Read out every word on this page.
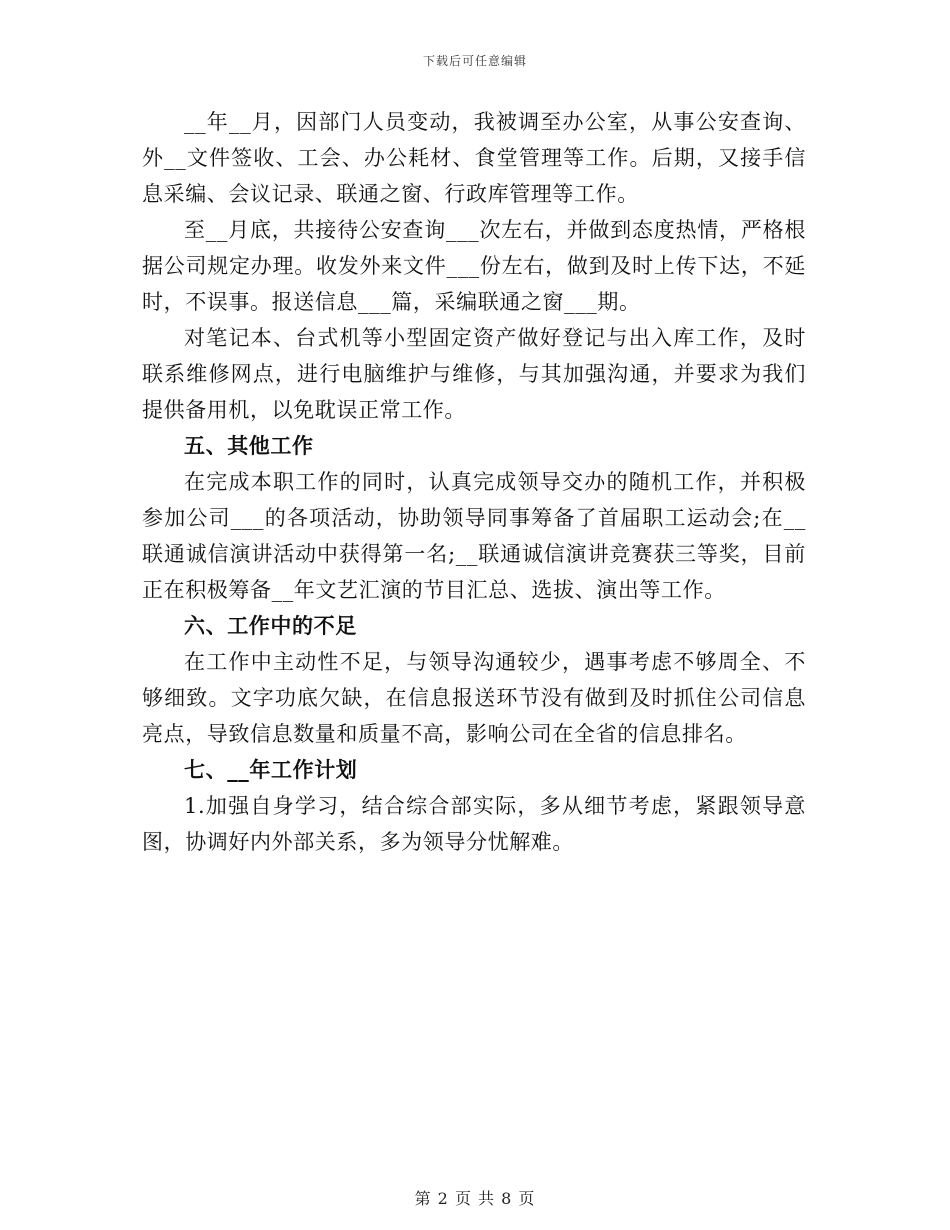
下载后可任意编辑

__年__月，因部门人员变动，我被调至办公室，从事公安查询、外__文件签收、工会、办公耗材、食堂管理等工作。后期，又接手信息采编、会议记录、联通之窗、行政库管理等工作。

至__月底，共接待公安查询___次左右，并做到态度热情，严格根据公司规定办理。收发外来文件___份左右，做到及时上传下达，不延时，不误事。报送信息___篇，采编联通之窗___期。

对笔记本、台式机等小型固定资产做好登记与出入库工作，及时联系维修网点，进行电脑维护与维修，与其加强沟通，并要求为我们提供备用机，以免耽误正常工作。

五、其他工作

在完成本职工作的同时，认真完成领导交办的随机工作，并积极参加公司___的各项活动，协助领导同事筹备了首届职工运动会;在__联通诚信演讲活动中获得第一名;__联通诚信演讲竞赛获三等奖，目前正在积极筹备__年文艺汇演的节目汇总、选拔、演出等工作。

六、工作中的不足

在工作中主动性不足，与领导沟通较少，遇事考虑不够周全、不够细致。文字功底欠缺，在信息报送环节没有做到及时抓住公司信息亮点，导致信息数量和质量不高，影响公司在全省的信息排名。

七、__年工作计划

1.加强自身学习，结合综合部实际，多从细节考虑，紧跟领导意图，协调好内外部关系，多为领导分忧解难。

第 2 页 共 8 页
